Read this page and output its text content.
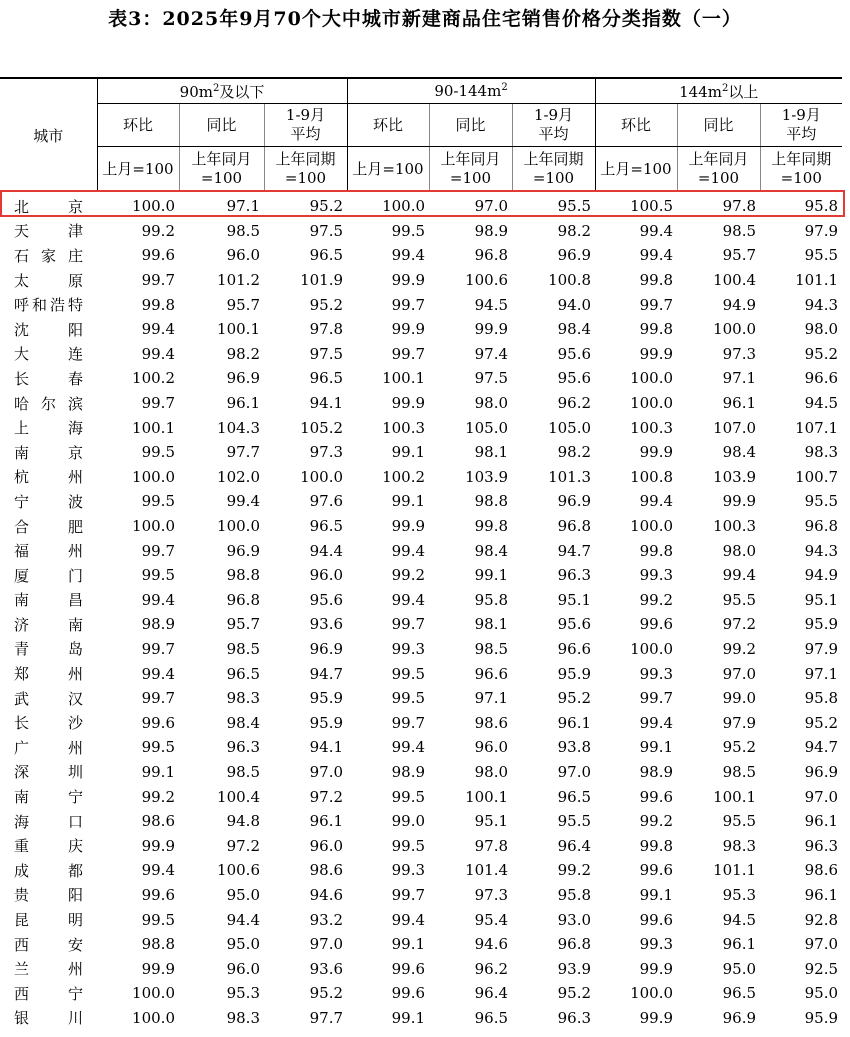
表3：2025年9月70个大中城市新建商品住宅销售价格分类指数（一）
城市	$90m^2$及以下			$90-144m^2$			$144m^2$以上		
	环比	同比	1-9月平均	环比	同比	1-9月平均	环比	同比	1-9月平均
	上月=100	上年同月=100	上年同期=100	上月=100	上年同月=100	上年同期=100	上月=100	上年同月=100	上年同期=100

北 京	100.0	97.1	95.2	100.0	97.0	95.5	100.5	97.8	95.8

天 津	99.2	98.5	97.5	99.5	98.9	98.2	99.4	98.5	97.9

石 家 庄	99.6	96.0	96.5	99.4	96.8	96.9	99.4	95.7	95.5

太 原	99.7	101.2	101.9	99.9	100.6	100.8	99.8	100.4	101.1

呼 和 浩 特	99.8	95.7	95.2	99.7	94.5	94.0	99.7	94.9	94.3

沈 阳	99.4	100.1	97.8	99.9	99.9	98.4	99.8	100.0	98.0

大 连	99.4	98.2	97.5	99.7	97.4	95.6	99.9	97.3	95.2

长 春	100.2	96.9	96.5	100.1	97.5	95.6	100.0	97.1	96.6

哈 尔 滨	99.7	96.1	94.1	99.9	98.0	96.2	100.0	96.1	94.5

上 海	100.1	104.3	105.2	100.3	105.0	105.0	100.3	107.0	107.1

南 京	99.5	97.7	97.3	99.1	98.1	98.2	99.9	98.4	98.3

杭 州	100.0	102.0	100.0	100.2	103.9	101.3	100.8	103.9	100.7

宁 波	99.5	99.4	97.6	99.1	98.8	96.9	99.4	99.9	95.5

合 肥	100.0	100.0	96.5	99.9	99.8	96.8	100.0	100.3	96.8

福 州	99.7	96.9	94.4	99.4	98.4	94.7	99.8	98.0	94.3

厦 门	99.5	98.8	96.0	99.2	99.1	96.3	99.3	99.4	94.9

南 昌	99.4	96.8	95.6	99.4	95.8	95.1	99.2	95.5	95.1

济 南	98.9	95.7	93.6	99.7	98.1	95.6	99.6	97.2	95.9

青 岛	99.7	98.5	96.9	99.3	98.5	96.6	100.0	99.2	97.9

郑 州	99.4	96.5	94.7	99.5	96.6	95.9	99.3	97.0	97.1

武 汉	99.7	98.3	95.9	99.5	97.1	95.2	99.7	99.0	95.8

长 沙	99.6	98.4	95.9	99.7	98.6	96.1	99.4	97.9	95.2

广 州	99.5	96.3	94.1	99.4	96.0	93.8	99.1	95.2	94.7

深 圳	99.1	98.5	97.0	98.9	98.0	97.0	98.9	98.5	96.9

南 宁	99.2	100.4	97.2	99.5	100.1	96.5	99.6	100.1	97.0

海 口	98.6	94.8	96.1	99.0	95.1	95.5	99.2	95.5	96.1

重 庆	99.9	97.2	96.0	99.5	97.8	96.4	99.8	98.3	96.3

成 都	99.4	100.6	98.6	99.3	101.4	99.2	99.6	101.1	98.6

贵 阳	99.6	95.0	94.6	99.7	97.3	95.8	99.1	95.3	96.1

昆 明	99.5	94.4	93.2	99.4	95.4	93.0	99.6	94.5	92.8

西 安	98.8	95.0	97.0	99.1	94.6	96.8	99.3	96.1	97.0

兰 州	99.9	96.0	93.6	99.6	96.2	93.9	99.9	95.0	92.5

西 宁	100.0	95.3	95.2	99.6	96.4	95.2	100.0	96.5	95.0

银 川	100.0	98.3	97.7	99.1	96.5	96.3	99.9	96.9	95.9
